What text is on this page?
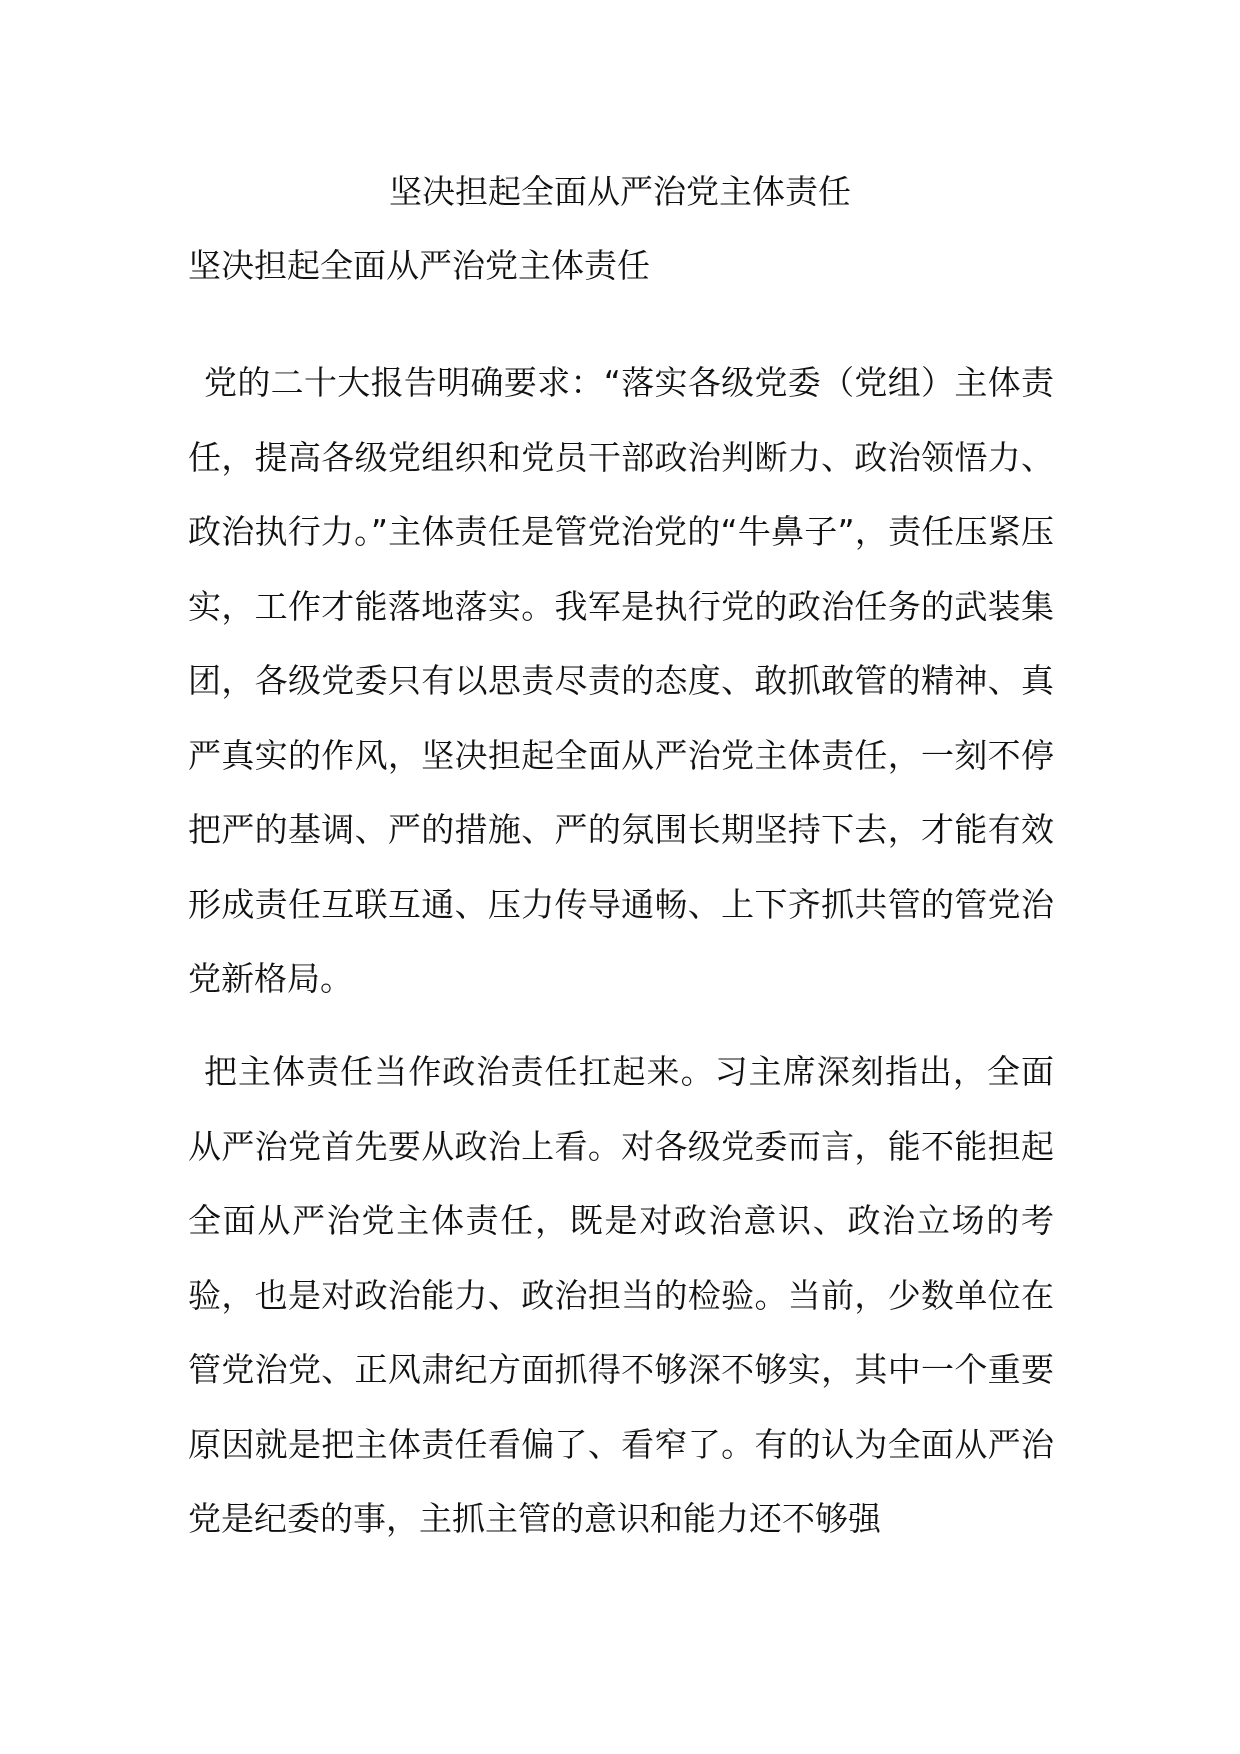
坚决担起全面从严治党主体责任
坚决担起全面从严治党主体责任

党的二十大报告明确要求：“落实各级党委（党组）主体责任，提高各级党组织和党员干部政治判断力、政治领悟力、政治执行力。”主体责任是管党治党的“牛鼻子”，责任压紧压实，工作才能落地落实。我军是执行党的政治任务的武装集团，各级党委只有以思责尽责的态度、敢抓敢管的精神、真严真实的作风，坚决担起全面从严治党主体责任，一刻不停把严的基调、严的措施、严的氛围长期坚持下去，才能有效形成责任互联互通、压力传导通畅、上下齐抓共管的管党治党新格局。

把主体责任当作政治责任扛起来。习主席深刻指出，全面从严治党首先要从政治上看。对各级党委而言，能不能担起全面从严治党主体责任，既是对政治意识、政治立场的考验，也是对政治能力、政治担当的检验。当前，少数单位在管党治党、正风肃纪方面抓得不够深不够实，其中一个重要原因就是把主体责任看偏了、看窄了。有的认为全面从严治党是纪委的事，主抓主管的意识和能力还不够强
